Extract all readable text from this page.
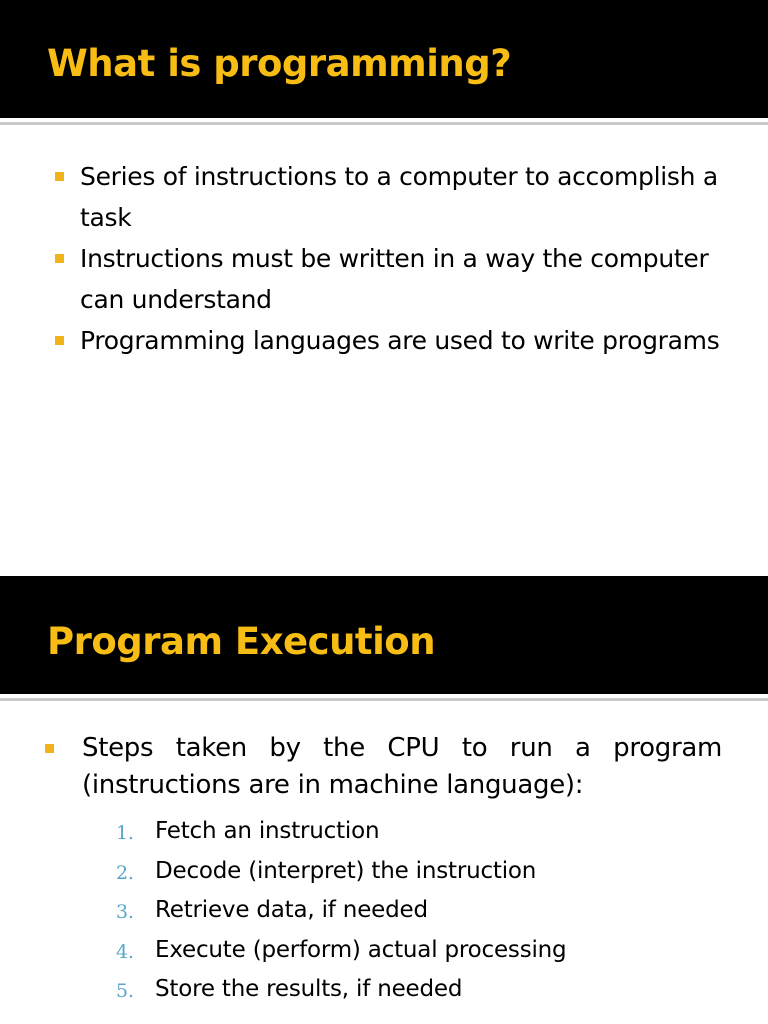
What is programming?
Series of instructions to a computer to accomplish a task
Instructions must be written in a way the computer can understand
Programming languages are used to write programs
Program Execution
Steps taken by the CPU to run a program (instructions are in machine language):
1. Fetch an instruction
2. Decode (interpret) the instruction
3. Retrieve data, if needed
4. Execute (perform) actual processing
5. Store the results, if needed
